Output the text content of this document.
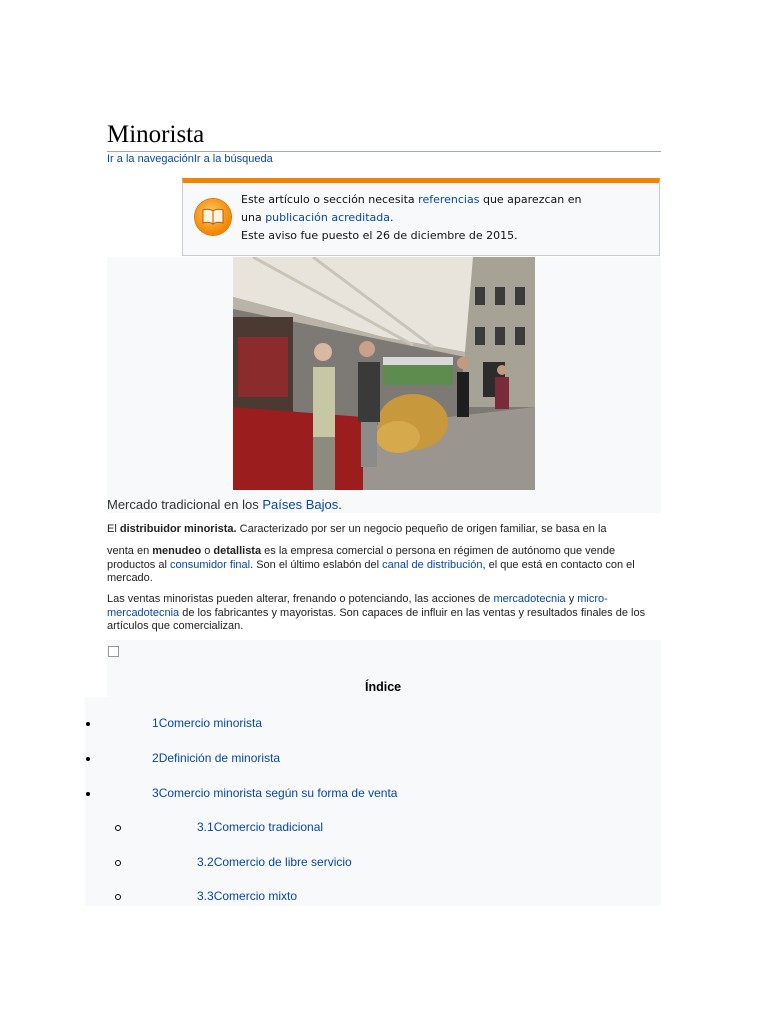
Minorista
Ir a la navegaciónIr a la búsqueda
Este artículo o sección necesita referencias que aparezcan en
una publicación acreditada.
Este aviso fue puesto el 26 de diciembre de 2015.
Mercado tradicional en los Países Bajos.
El distribuidor minorista. Caracterizado por ser un negocio pequeño de origen familiar, se basa en la
venta en menudeo o detallista es la empresa comercial o persona en régimen de autónomo que vende productos al consumidor final. Son el último eslabón del canal de distribución, el que está en contacto con el mercado.
Las ventas minoristas pueden alterar, frenando o potenciando, las acciones de mercadotecnia y micro-mercadotecnia de los fabricantes y mayoristas. Son capaces de influir en las ventas y resultados finales de los artículos que comercializan.
Índice
1Comercio minorista
2Definición de minorista
3Comercio minorista según su forma de venta
3.1Comercio tradicional
3.2Comercio de libre servicio
3.3Comercio mixto
